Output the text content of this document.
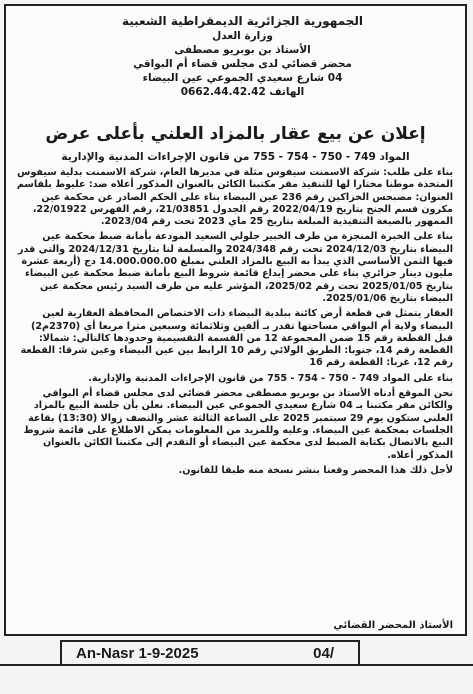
الجمهورية الجزائرية الديمقراطية الشعبية
وزارة العدل
الأستاذ بن بوبريو مصطفى
محضر قضائي لدى مجلس قضاء أم البواقي
04 شارع سعيدي الجموعي عين البيضاء
الهاتف 0662.44.42.42
إعلان عن بيع عقار بالمزاد العلني بأعلى عرض
المواد 749 - 750 - 754 - 755 من قانون الإجراءات المدنية والإدارية

بناء على طلب: شركة الاسمنت سيفوس مثلة في مديرها العام، شركة الاسمنت بدلية سيفوس المتخذة موطنا مختارا لها للتنفيذ مقر مكتبنا الكائن بالعنوان المذكور أعلاه ضد: عليوط بلقاسم العنوان: مصبحس الخزاكين رقم 236 عين البيضاء بناء على الحكم الصادر عن محكمة عين مكرون قسم الجنح بتاريخ 2022/04/19 رقم الجدول 21/03851، رقم الفهرس 22/01922، الممهور بالصيغة التنفيذية المبلغة بتاريخ 25 ماي 2023 تحت رقم 2023/04.

بناء على الخبرة المنجزة من طرف الخبير جلولي السعيد المودعة بأمانة ضبط محكمة عين البيضاء بتاريخ 2024/12/03 تحت رقم 2024/348 والمسلمة لنا بتاريخ 2024/12/31 والتي قدر فيها الثمن الأساسي الذي يبدأ به البيع بالمزاد العلني بمبلغ 14.000.000.00 دج (أربعة عشرة مليون دينار جزائري بناء على محضر إيداع قائمة شروط البيع بأمانة ضبط محكمة عين البيضاء بتاريخ 2025/01/05 تحت رقم 2025/02، المؤشر عليه من طرف السيد رئيس محكمة عين البيضاء بتاريخ 2025/01/06.

العقار يتمثل في قطعة أرض كائنة ببلدية البيضاء ذات الاختصاص المحافظة العقارية لعين البيضاء ولاية أم البواقي مساحتها تقدر بـ ألفين وثلاثمائة وسبعين مترا مربعا أي (2370م2) قبل القطعة رقم 15 ضمن المجموعة 12 من القسمة التقسيمية وحدودها كالتالي: شمالا: القطعة رقم 14، جنوبا: الطريق الولائي رقم 10 الرابط بين عين البيضاء وعين شرقا: القطعة رقم 12، غربا: القطعة رقم 16

بناء على المواد 749 - 750 - 754 - 755 من قانون الإجراءات المدنية والإدارية.

نحن الموقع أدناه الأستاذ بن بوبريو مصطفى محضر قضائي لدى مجلس قضاء أم البواقي والكائن مقر مكتبنا بـ 04 شارع سعيدي الجموعي عين البيضاء. نعلن بأن جلسة البيع بالمزاد العلني ستكون يوم 29 سبتمبر 2025 على الساعة الثالثة عشر والنصف زوالا (13:30) بقاعة الجلسات بمحكمة عين البيضاء. وعليه وللمزيد من المعلومات يمكن الاطلاع على قائمة شروط البيع بالاتصال بكتابة الضبط لدى محكمة عين البيضاء أو التقدم إلى مكتبنا الكائن بالعنوان المذكور أعلاه.

لأجل ذلك هذا المحضر وقعنا بنشر نسخة منه طبقا للقانون.

الأستاذ المحضر القضائي
An-Nasr 1-9-2025	04/
